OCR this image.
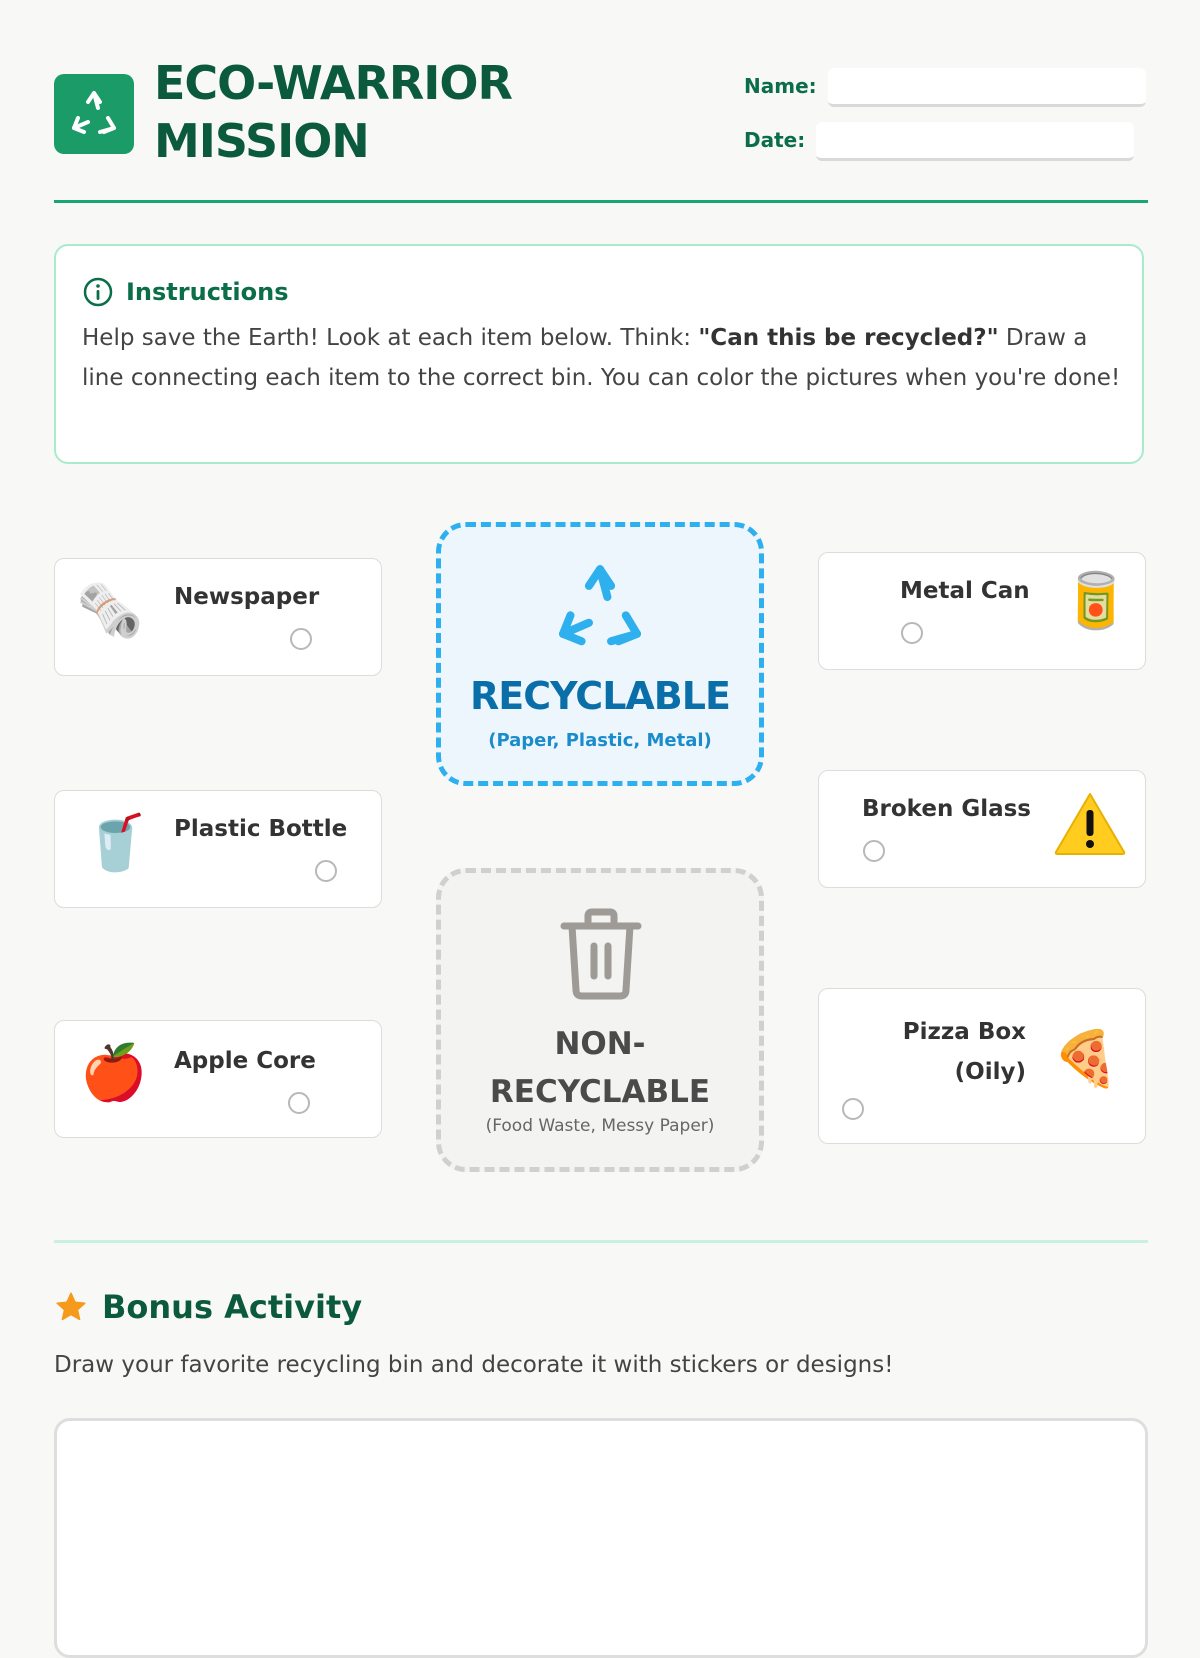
ECO-WARRIOR
MISSION
Name:
Date:
Instructions

Help save the Earth! Look at each item below. Think: "Can this be recycled?" Draw a line connecting each item to the correct bin. You can color the pictures when you're done!

🗞️ Newspaper
🥤 Plastic Bottle
🍎 Apple Core
RECYCLABLE
(Paper, Plastic, Metal)
NON-
RECYCLABLE
(Food Waste, Messy Paper)
Metal Can 🥫
Broken Glass
Pizza Box
(Oily) 🍕
Bonus Activity
Draw your favorite recycling bin and decorate it with stickers or designs!
